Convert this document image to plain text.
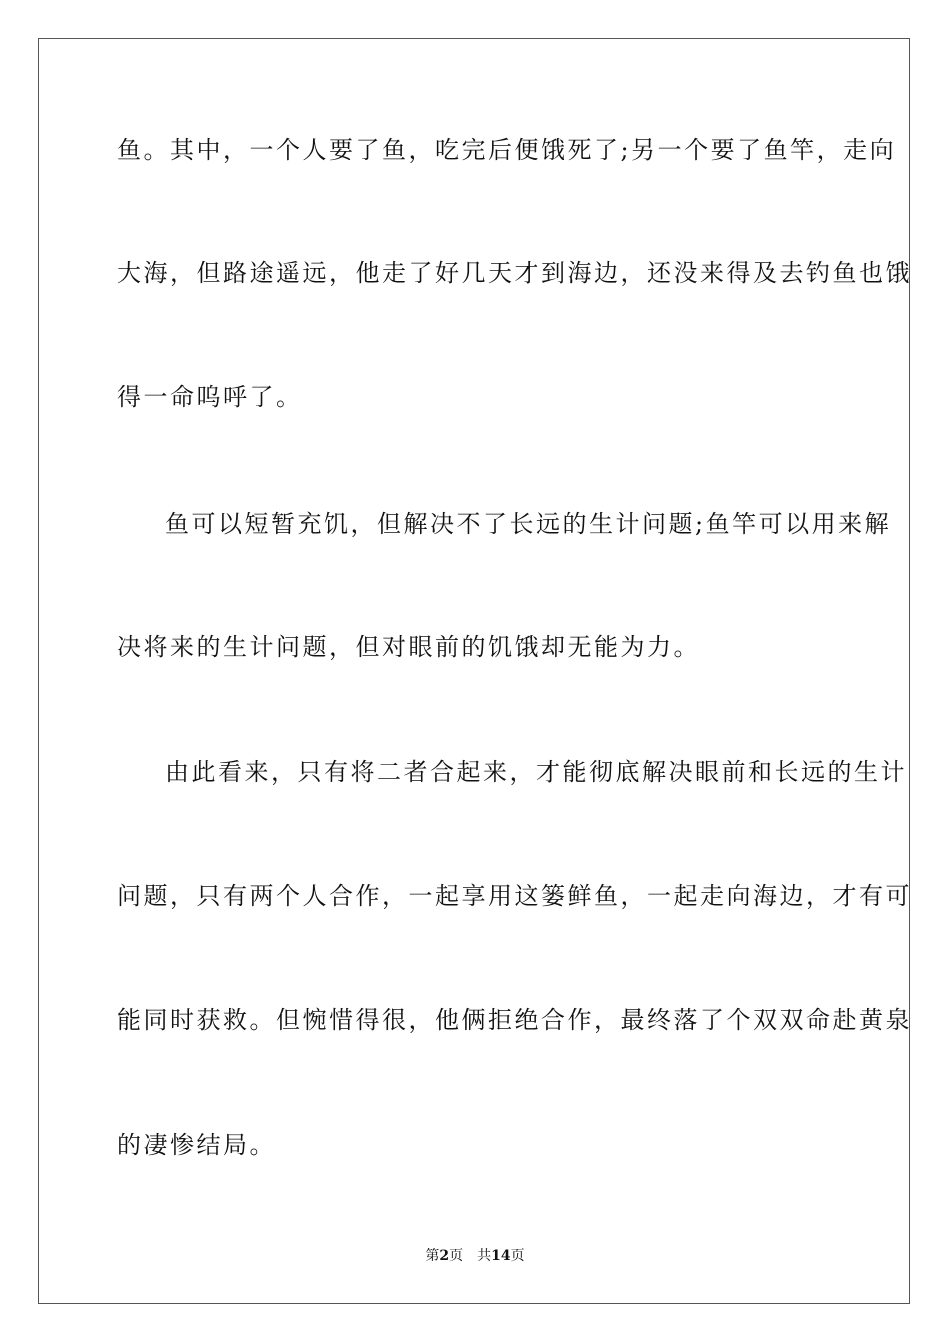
鱼。其中，一个人要了鱼，吃完后便饿死了;另一个要了鱼竿，走向
大海，但路途遥远，他走了好几天才到海边，还没来得及去钓鱼也饿
得一命呜呼了。
鱼可以短暂充饥，但解决不了长远的生计问题;鱼竿可以用来解
决将来的生计问题，但对眼前的饥饿却无能为力。
由此看来，只有将二者合起来，才能彻底解决眼前和长远的生计
问题，只有两个人合作，一起享用这篓鲜鱼，一起走向海边，才有可
能同时获救。但惋惜得很，他俩拒绝合作，最终落了个双双命赴黄泉
的凄惨结局。
第2页 共14页
